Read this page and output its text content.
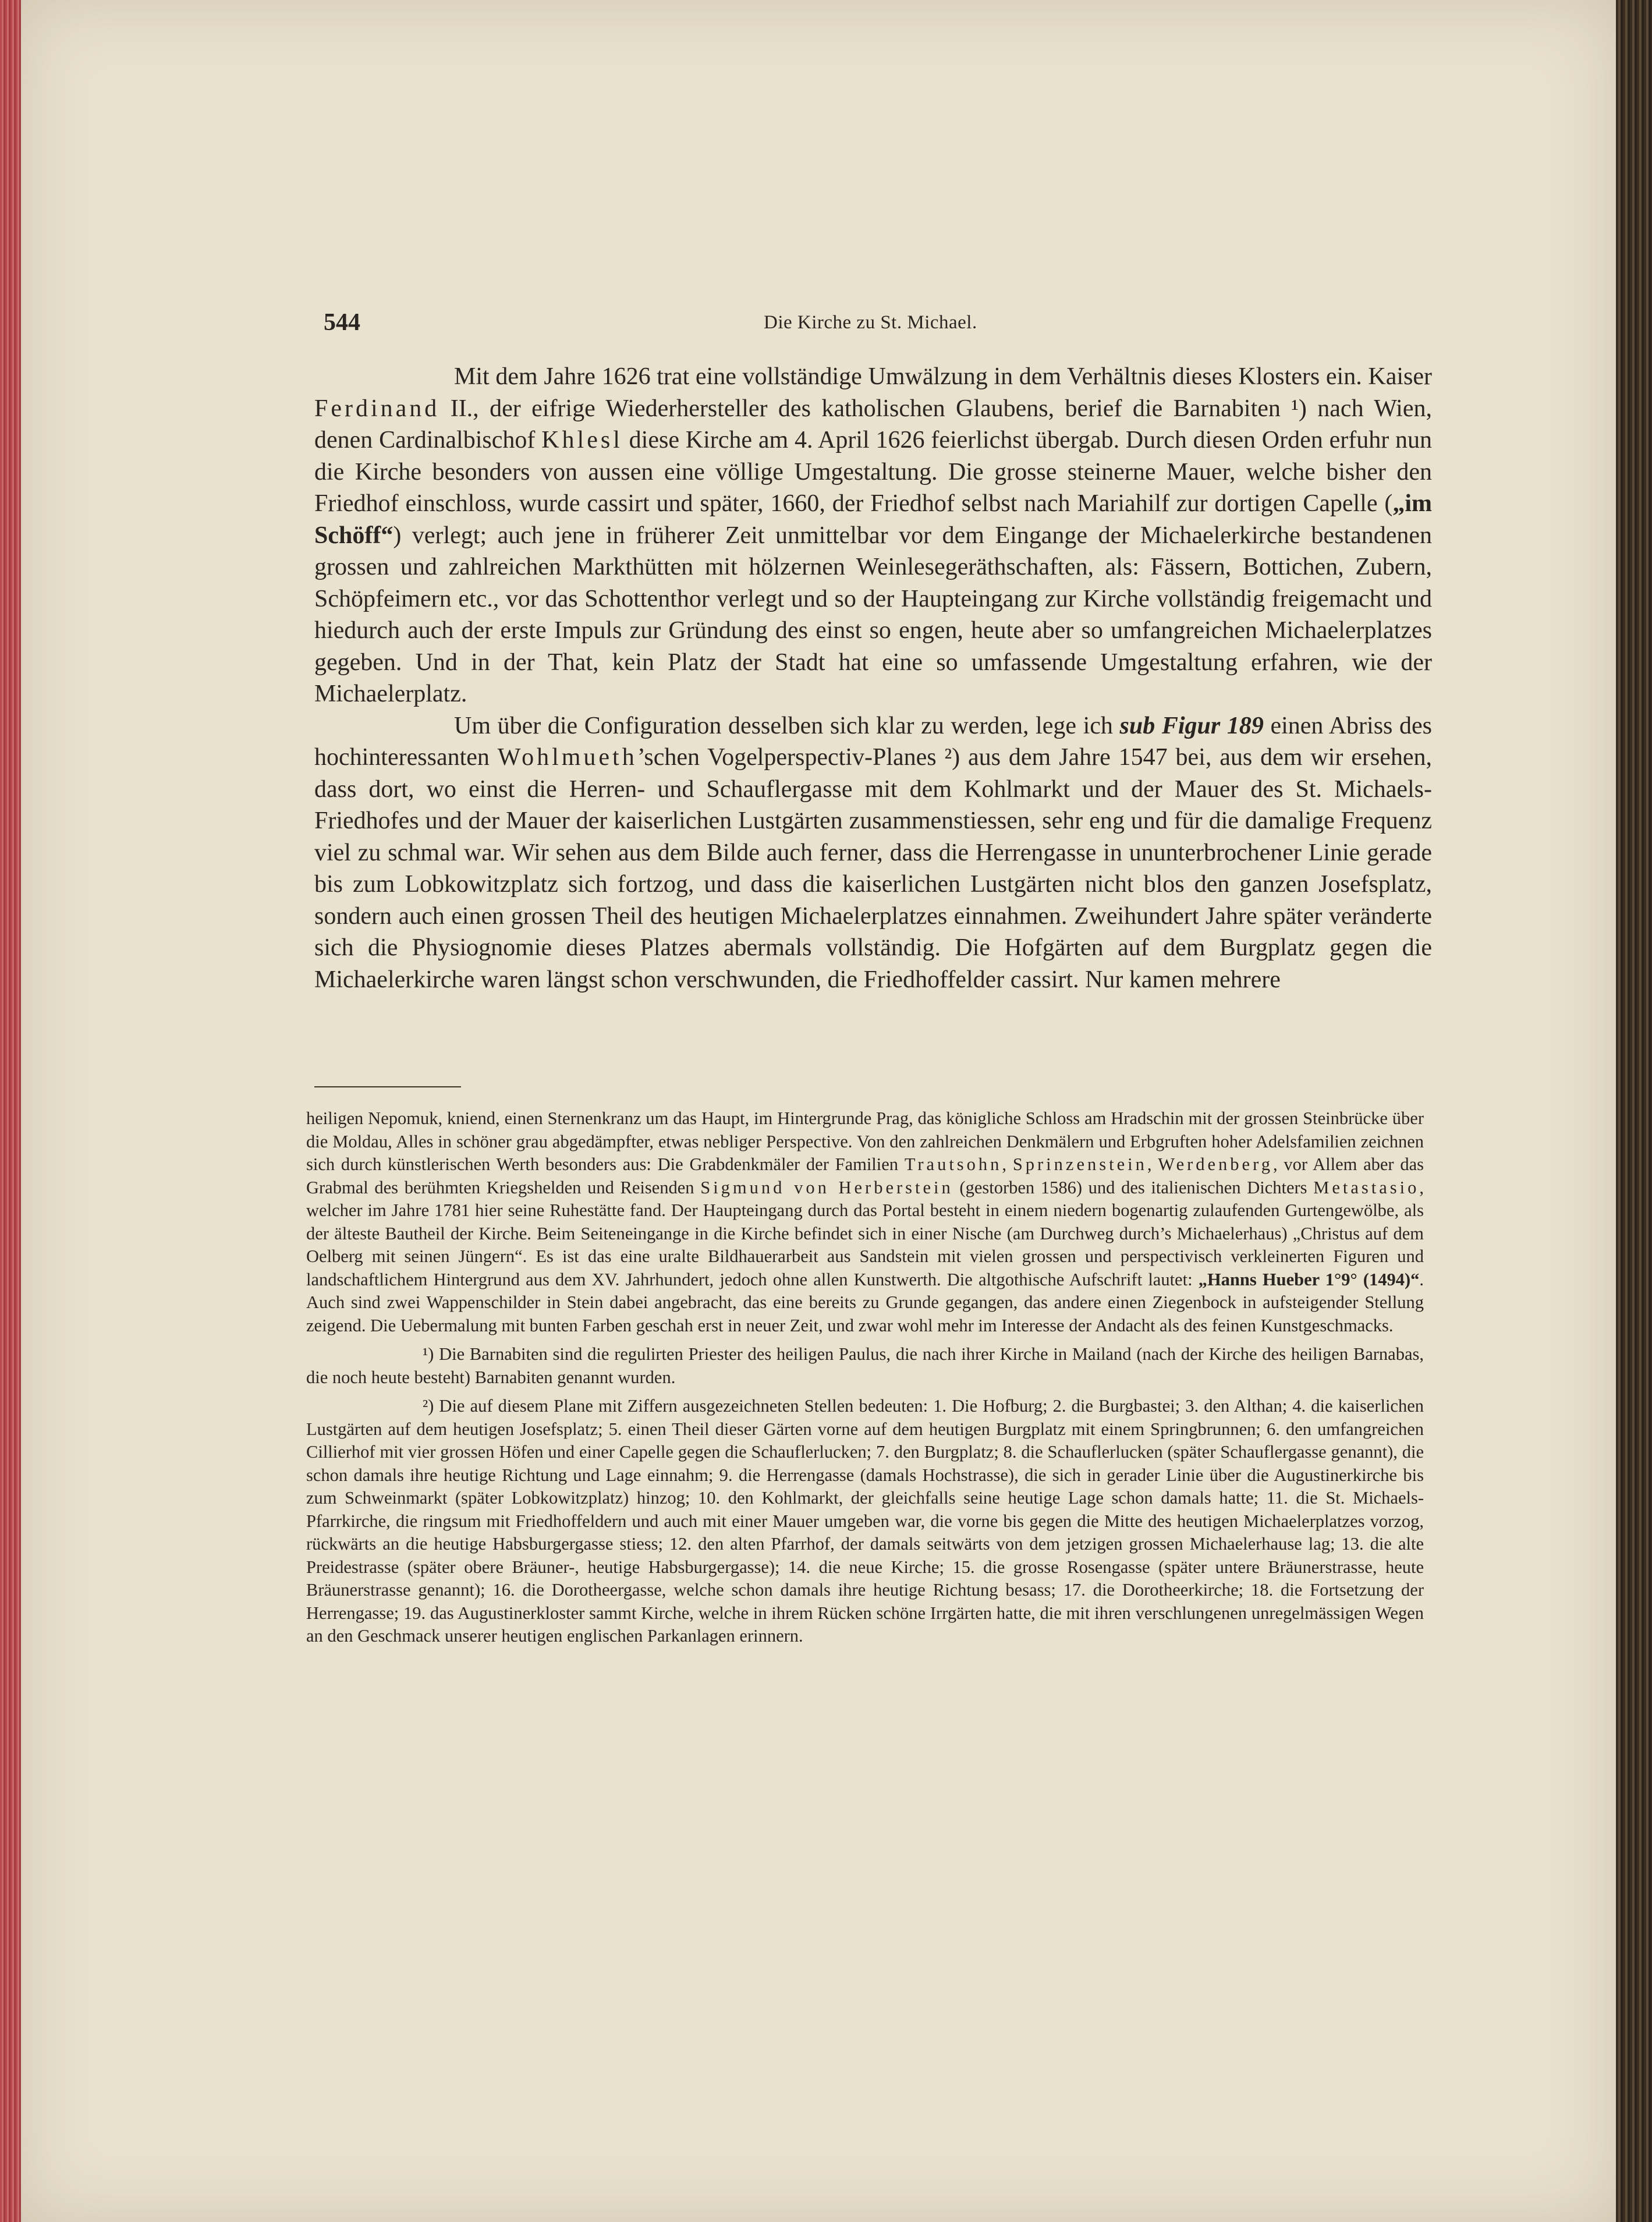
544	Die Kirche zu St. Michael.

Mit dem Jahre 1626 trat eine vollständige Umwälzung in dem Verhältnis dieses Klosters ein. Kaiser Ferdinand II., der eifrige Wiederhersteller des katholischen Glaubens, berief die Barnabiten ¹) nach Wien, denen Cardinalbischof Khlesl diese Kirche am 4. April 1626 feierlichst übergab. Durch diesen Orden erfuhr nun die Kirche besonders von aussen eine völlige Umgestaltung. Die grosse steinerne Mauer, welche bisher den Friedhof einschloss, wurde cassirt und später, 1660, der Friedhof selbst nach Mariahilf zur dortigen Capelle („im Schöff“) verlegt; auch jene in früherer Zeit unmittelbar vor dem Eingange der Michaelerkirche bestandenen grossen und zahlreichen Markthütten mit hölzernen Weinlesegeräthschaften, als: Fässern, Bottichen, Zubern, Schöpfeimern etc., vor das Schottenthor verlegt und so der Haupteingang zur Kirche vollständig freigemacht und hiedurch auch der erste Impuls zur Gründung des einst so engen, heute aber so umfangreichen Michaelerplatzes gegeben. Und in der That, kein Platz der Stadt hat eine so umfassende Umgestaltung erfahren, wie der Michaelerplatz.

Um über die Configuration desselben sich klar zu werden, lege ich sub Figur 189 einen Abriss des hochinteressanten Wohlmueth’schen Vogelperspectiv-Planes ²) aus dem Jahre 1547 bei, aus dem wir ersehen, dass dort, wo einst die Herren- und Schauflergasse mit dem Kohlmarkt und der Mauer des St. Michaels-Friedhofes und der Mauer der kaiserlichen Lustgärten zusammenstiessen, sehr eng und für die damalige Frequenz viel zu schmal war. Wir sehen aus dem Bilde auch ferner, dass die Herrengasse in ununterbrochener Linie gerade bis zum Lobkowitzplatz sich fortzog, und dass die kaiserlichen Lustgärten nicht blos den ganzen Josefsplatz, sondern auch einen grossen Theil des heutigen Michaelerplatzes einnahmen. Zweihundert Jahre später veränderte sich die Physiognomie dieses Platzes abermals vollständig. Die Hofgärten auf dem Burgplatz gegen die Michaelerkirche waren längst schon verschwunden, die Friedhoffelder cassirt. Nur kamen mehrere

heiligen Nepomuk, kniend, einen Sternenkranz um das Haupt, im Hintergrunde Prag, das königliche Schloss am Hradschin mit der grossen Steinbrücke über die Moldau, Alles in schöner grau abgedämpfter, etwas nebliger Perspective. Von den zahlreichen Denkmälern und Erbgruften hoher Adelsfamilien zeichnen sich durch künstlerischen Werth besonders aus: Die Grabdenkmäler der Familien Trautsohn, Sprinzenstein, Werdenberg, vor Allem aber das Grabmal des berühmten Kriegshelden und Reisenden Sigmund von Herberstein (gestorben 1586) und des italienischen Dichters Metastasio, welcher im Jahre 1781 hier seine Ruhestätte fand. Der Haupteingang durch das Portal besteht in einem niedern bogenartig zulaufenden Gurtengewölbe, als der älteste Bautheil der Kirche. Beim Seiteneingange in die Kirche befindet sich in einer Nische (am Durchweg durch’s Michaelerhaus) „Christus auf dem Oelberg mit seinen Jüngern“. Es ist das eine uralte Bildhauerarbeit aus Sandstein mit vielen grossen und perspectivisch verkleinerten Figuren und landschaftlichem Hintergrund aus dem XV. Jahrhundert, jedoch ohne allen Kunstwerth. Die altgothische Aufschrift lautet: „Hanns Hueber 1°9° (1494)“. Auch sind zwei Wappenschilder in Stein dabei angebracht, das eine bereits zu Grunde gegangen, das andere einen Ziegenbock in aufsteigender Stellung zeigend. Die Uebermalung mit bunten Farben geschah erst in neuer Zeit, und zwar wohl mehr im Interesse der Andacht als des feinen Kunstgeschmacks.

¹) Die Barnabiten sind die regulirten Priester des heiligen Paulus, die nach ihrer Kirche in Mailand (nach der Kirche des heiligen Barnabas, die noch heute besteht) Barnabiten genannt wurden.

²) Die auf diesem Plane mit Ziffern ausgezeichneten Stellen bedeuten: 1. Die Hofburg; 2. die Burgbastei; 3. den Althan; 4. die kaiserlichen Lustgärten auf dem heutigen Josefsplatz; 5. einen Theil dieser Gärten vorne auf dem heutigen Burgplatz mit einem Springbrunnen; 6. den umfangreichen Cillierhof mit vier grossen Höfen und einer Capelle gegen die Schauflerlucken; 7. den Burgplatz; 8. die Schauflerlucken (später Schauflergasse genannt), die schon damals ihre heutige Richtung und Lage einnahm; 9. die Herrengasse (damals Hochstrasse), die sich in gerader Linie über die Augustinerkirche bis zum Schweinmarkt (später Lobkowitzplatz) hinzog; 10. den Kohlmarkt, der gleichfalls seine heutige Lage schon damals hatte; 11. die St. Michaels-Pfarrkirche, die ringsum mit Friedhoffeldern und auch mit einer Mauer umgeben war, die vorne bis gegen die Mitte des heutigen Michaelerplatzes vorzog, rückwärts an die heutige Habsburgergasse stiess; 12. den alten Pfarrhof, der damals seitwärts von dem jetzigen grossen Michaelerhause lag; 13. die alte Preidestrasse (später obere Bräuner-, heutige Habsburgergasse); 14. die neue Kirche; 15. die grosse Rosengasse (später untere Bräunerstrasse, heute Bräunerstrasse genannt); 16. die Dorotheergasse, welche schon damals ihre heutige Richtung besass; 17. die Dorotheerkirche; 18. die Fortsetzung der Herrengasse; 19. das Augustinerkloster sammt Kirche, welche in ihrem Rücken schöne Irrgärten hatte, die mit ihren verschlungenen unregelmässigen Wegen an den Geschmack unserer heutigen englischen Parkanlagen erinnern.
